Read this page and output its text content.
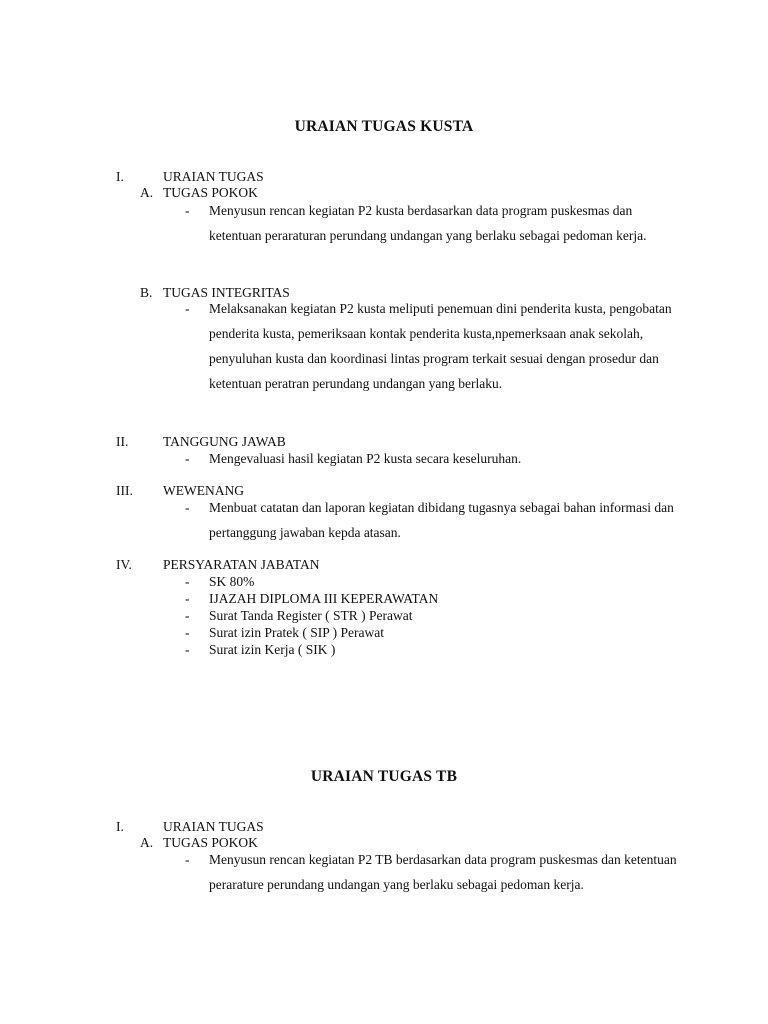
URAIAN TUGAS KUSTA
I.	URAIAN TUGAS
A. TUGAS POKOK
- Menyusun rencan kegiatan P2 kusta berdasarkan data program puskesmas dan ketentuan peraraturan perundang undangan yang berlaku sebagai pedoman kerja.
B. TUGAS INTEGRITAS
- Melaksanakan kegiatan P2 kusta meliputi penemuan dini penderita kusta, pengobatan penderita kusta, pemeriksaan kontak penderita kusta,npemerksaan anak sekolah, penyuluhan kusta dan koordinasi lintas program terkait sesuai dengan prosedur dan ketentuan peratran perundang undangan yang berlaku.
II.	TANGGUNG JAWAB
- Mengevaluasi hasil kegiatan P2 kusta secara keseluruhan.
III. WEWENANG
- Menbuat catatan dan laporan kegiatan dibidang tugasnya sebagai bahan informasi dan pertanggung jawaban kepda atasan.
IV. PERSYARATAN JABATAN
- SK 80%
- IJAZAH DIPLOMA III KEPERAWATAN
- Surat Tanda Register ( STR ) Perawat
- Surat izin Pratek ( SIP ) Perawat
- Surat izin Kerja ( SIK )
URAIAN TUGAS TB
I.	URAIAN TUGAS
A. TUGAS POKOK
- Menyusun rencan kegiatan P2 TB berdasarkan data program puskesmas dan ketentuan perarature perundang undangan yang berlaku sebagai pedoman kerja.
